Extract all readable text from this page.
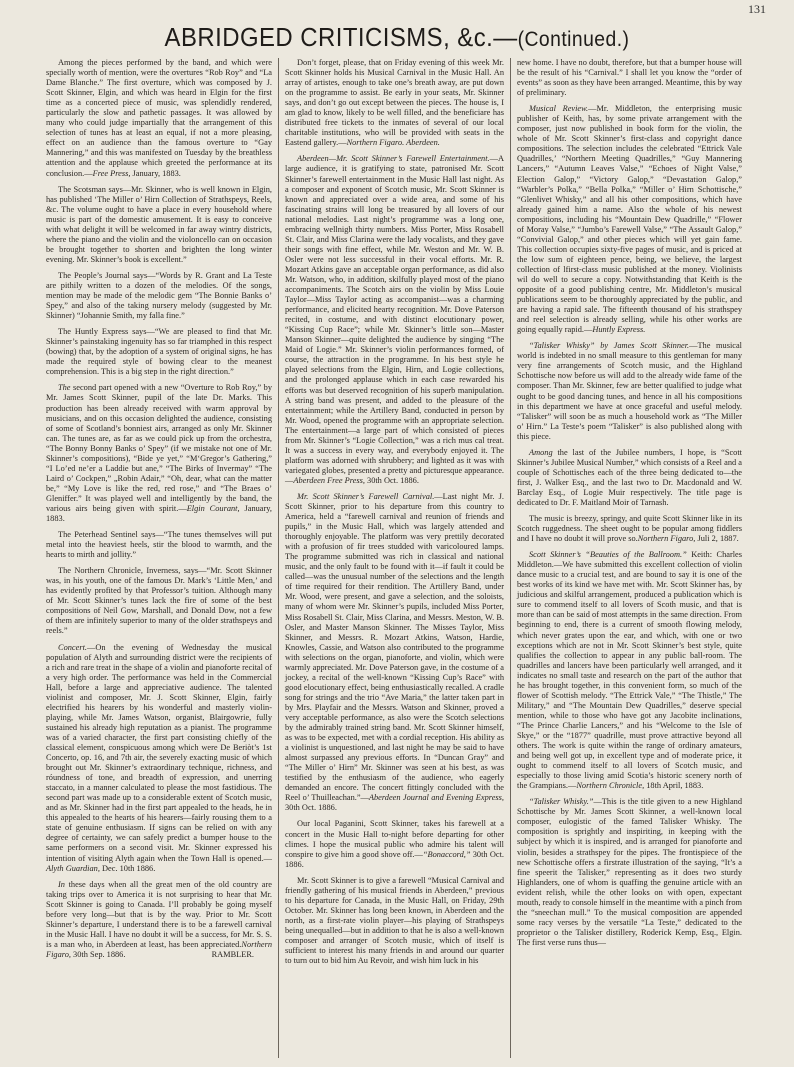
131
ABRIDGED CRITICISMS, &c.—(Continued.)

Among the pieces performed by the band, and which were specially worth of mention, were the overtures “Rob Roy” and “La Dame Blanche.” The first overture, which was composed by J. Scott Skinner, Elgin, and which was heard in Elgin for the first time as a concerted piece of music, was splendidly rendered, particularly the slow and pathetic passages. It was allowed by many who could judge impartially that the arrangement of this selection of tunes has at least an equal, if not a more pleasing, effect on an audience than the famous overture to “Gay Mannering,” and this was manifested on Tuesday by the breathless attention and the applause which greeted the performance at its conclusion.—Free Press, January, 1883.

The Scotsman says—Mr. Skinner, who is well known in Elgin, has published ‘The Miller o’ Hirn Collection of Strathspeys, Reels, &c. The volume ought to have a place in every household where music is part of the domestic amusement. It is easy to conceive with what delight it will be welcomed in far away wintry districts, where the piano and the violin and the violoncello can on occasion be brought together to shorten and brighten the long winter evening. Mr. Skinner’s book is excellent.”

The People’s Journal says—“Words by R. Grant and La Teste are pithily written to a dozen of the melodies. Of the songs, mention may be made of the melodic gem “The Bonnie Banks o’ Spey,” and also of the taking nursery melody (suggested by Mr. Skinner) “Johannie Smith, my falla fine.”

The Huntly Express says—“We are pleased to find that Mr. Skinner’s painstaking ingenuity has so far triamphed in this respect (bowing) that, by the adoption of a system of original signs, he has made the required style of bowing clear to the meanest comprehension. This is a big step in the right direction.”

The second part opened with a new “Overture to Rob Roy,” by Mr. James Scott Skinner, pupil of the late Dr. Marks. This production has been already received with warm approval by musicians, and on this occasion delighted the audience, consisting of some of Scotland’s bonniest airs, arranged as only Mr. Skinner can. The tunes are, as far as we could pick up from the orchestra, “The Bonny Bonny Banks o’ Spey” (if we mistake not one of Mr. Skinner’s compositions), “Bide ye yet,” “M‘Gregor’s Gathering,” “I Lo’ed ne’er a Laddie but ane,” “The Birks of Invermay” “The Laird o’ Cockpen,” „Robin Adair,” “Oh, dear, what can the matter be,” “My Love is like the red, red rose,” and “The Braes o’ Gleniffer.” It was played well and intelligently by the band, the various airs being given with spirit.—Elgin Courant, January, 1883.

The Peterhead Sentinel says—“The tunes themselves will put metal into the heaviest heels, stir the blood to warmth, and the hearts to mirth and jollity.”

The Northern Chronicle, Inverness, says—“Mr. Scott Skinner was, in his youth, one of the famous Dr. Mark’s ‘Little Men,’ and has evidently profited by that Professor’s tuition. Although many of Mr. Scott Skinner’s tunes lack the fire of some of the best compositions of Neil Gow, Marshall, and Donald Dow, not a few of them are infinitely superior to many of the older strathspeys and reels.”

Concert.—On the evening of Wednesday the musical population of Alyth and surrounding district were the recipients of a rich and rare treat in the shape of a violin and pianoforte recital of a very high order. The performance was held in the Commercial Hall, before a large and appreciative audience. The talented violinist and composer, Mr. J. Scott Skinner, Elgin, fairly electrified his hearers by his wonderful and masterly violin-playing, while Mr. James Watson, organist, Blairgowrie, fully sustained his already high reputation as a pianist. The programme was of a varied character, the first part consisting chiefly of the classical element, conspicuous among which were De Beriòt’s 1st Concerto, op. 16, and 7th air, the severely exacting music of which brought out Mr. Skinner’s extraordinary technique, richness, and róundness of tone, and breadth of expression, and unerring staccato, in a manner calculated to please the most fastidious. The second part was made up to a considerable extent of Scotch music, and as Mr. Skinner had in the first part appealed to the heads, he in this appealed to the hearts of his hearers—fairly rousing them to a state of genuine enthusiasm. If signs can be relied on with any degree of certainty, we can safely predict a bumper house to the same performers on a second visit. Mr. Skinner expressed his intention of visiting Alyth again when the Town Hall is opened.—Alyth Guardian, Dec. 10th 1886.

In these days when all the great men of the old country are taking trips over to America it is not surprising to hear that Mr. Scott Skinner is going to Canada. I’ll probably be going myself before very long—but that is by the way. Prior to Mr. Scott Skinner’s departure, I understand there is to be a farewell carnival in the Music Hall. I have no doubt it will be a success, for Mr. S. S. is a man who, in Aberdeen at least, has been appreciated.Northern Figaro, 30th Sep. 1886.	RAMBLER.

Don’t forget, please, that on Friday evening of this week Mr. Scott Skinner holds his Musical Carnival in the Music Hall. An array of artistes, enough to take one’s breath away, are put down on the programme to assist. Be early in your seats, Mr. Skinner says, and don’t go out except between the pieces. The house is, I am glad to know, likely to be well filled, and the beneficiare has distributed free tickets to the inmates of several of our local charitable institutions, who will be provided with seats in the Eastend gallery.—Northern Figaro. Aberdeen.

Aberdeen—Mr. Scott Skinner’s Farewell Entertainment.—A large audience, it is gratifying to state, patronised Mr. Scott Skinner’s farewell entertainment in the Music Hall last night. As a composer and exponent of Scotch music, Mr. Scott Skinner is known and appreciated over a wide area, and some of his fascinating strains will long be treasured by all lovers of our national melodies. Last night’s programme was a long one, embracing wellnigh thirty numbers. Miss Porter, Miss Rosabell St. Clair, and Miss Clarina were the lady vocalists, and they gave their songs with fine effect, while Mr. Weston and Mr. W. B. Osler were not less successful in their vocal efforts. Mr. R. Mozart Atkins gave an acceptable organ performance, as did also Mr. Watson, who, in addition, skilfully played most of the piano accompaniments. The Scotch airs on the violin by Miss Louie Taylor—Miss Taylor acting as accompanist—was a charming performance, and elicited hearty recognition. Mr. Dove Paterson recited, in costume, and with distinct elocutionary power, “Kissing Cup Race”; while Mr. Skinner’s little son—Master Manson Skinner—quite delighted the audience by singing “The Maid of Logie.” Mr. Skinner’s violin performances formed, of course, the attraction in the programme. In his best style he played selections from the Elgin, Hirn, and Logie collections, and the prolonged applause which in each case rewarded his efforts was but deserved recognition of his superb manipulation. A string band was present, and added to the pleasure of the entertainment; while the Artillery Band, conducted in person by Mr. Wood, opened the programme with an appropriate selection. The entertainment—a large part of which consisted of pieces from Mr. Skinner’s “Logie Collection,” was a rich mus cal treat. It was a success in every way, and everybody enjoyed it. The platform was adorned with shrubbery; and lighted as it was with variegated globes, presented a pretty and picturesque appearance.—Aberdeen Free Press, 30th Oct. 1886.

Mr. Scott Skinner’s Farewell Carnival.—Last night Mr. J. Scott Skinner, prior to his departure from this country to America, held a “farewell carnival and reunion of friends and pupils,” in the Music Hall, which was largely attended and thoroughly enjoyable. The platform was very prettily decorated with a profusion of fir trees studded with varicoloured lamps. The programme submitted was rich in classical and national music, and the only fault to be found with it—if fault it could be called—was the unusual number of the selections and the length of time required for their rendition. The Artillery Band, under Mr. Wood, were present, and gave a selection, and the soloists, many of whom were Mr. Skinner’s pupils, included Miss Porter, Miss Rosabell St. Clair, Miss Clarina, and Messrs. Meston, W. B. Osler, and Master Manson Skinner. The Misses Taylor, Miss Skinner, and Messrs. R. Mozart Atkins, Watson, Hardie, Knowles, Cassie, and Watson also contributed to the programme with selections on the organ, pianoforte, and violin, which were warmly appreciated. Mr. Dove Paterson gave, in the costume of a jockey, a recital of the well-known “Kissing Cup’s Race” with good elocutionary effect, being enthusiastically recalled. A cradle song for strings and the trio “Ave Maria,” the latter taken part in by Mrs. Playfair and the Messrs. Watson and Skinner, proved a very acceptable performance, as also were the Scotch selections by the admirably trained string band. Mr. Scott Skinner himself, as was to be expected, met with a cordial reception. His ability as a violinist is unquestioned, and last night he may be said to have almost surpassed any previous efforts. In “Duncan Gray” and “The Miller o’ Hirn” Mr. Skinner was seen at his best, as was testified by the enthusiasm of the audience, who eagerly demanded an encore. The concert fittingly concluded with the Reel o’ Thuilleachan.”—Aberdeen Journal and Evening Express, 30th Oct. 1886.

Our local Paganini, Scott Skinner, takes his farewell at a concert in the Music Hall to-night before departing for other climes. I hope the musical public who admire his talent will conspire to give him a good shove off.—“Bonaccord,” 30th Oct. 1886.

Mr. Scott Skinner is to give a farewell “Musical Carnival and friendly gathering of his musical friends in Aberdeen,” previous to his departure for Canada, in the Music Hall, on Friday, 29th October. Mr. Skinner has long been known, in Aberdeen and the north, as a first-rate violin player—his playing of Strathspeys being unequalled—but in addition to that he is also a well-known composer and arranger of Scotch music, which of itself is sufficient to interest his many friends in and around our quarter to turn out to bid him Au Revoir, and wish him luck in his

new home. I have no doubt, therefore, but that a bumper house will be the result of his “Carnival.” I shall let you know the “order of events” as soon as they have been arranged. Meantime, this by way of preliminary.

Musical Review.—Mr. Middleton, the enterprising music publisher of Keith, has, by some private arrangement with the composer, just now published in book form for the violin, the whole of Mr. Scott Skinner’s first-class and copyright dance compositions. The selection includes the celebrated “Ettrick Vale Quadrilles,’ “Northern Meeting Quadrilles,” “Guy Mannering Lancers,” “Autumn Leaves Valse,” “Echoes of Night Valse,” Election Galop,” “Victory Galop,” “Devastation Galop,” “Warbler’s Polka,” “Bella Polka,” “Miller o’ Hirn Schottische,” “Glenlivet Whisky,” and all his other compositions, which have already gained him a name. Also the whole of his newest compositions, including his “Mountain Dew Quadrille,” “Flower of Moray Valse,” “Jumbo’s Farewell Valse,” “The Assault Galop,” “Convivial Galop,” and other pieces which will yet gain fame. This collection occupies sixty-five pages of music, and is priced at the low sum of eighteen pence, being, we believe, the largest collection of lfirst-class music published at the money. Violinists wil do well to secure a copy. Notwithstanding that Keith is the opposite of a good publishing centre, Mr. Middleton’s musical publications seem to be thoroughly appreciated by the public, and are having a rapid sale. The fifteenth thousand of his strathspey and reel selection is already selling, while his other works are going equally rapid.—Huntly Express.

“Talisker Whisky” by James Scott Skinner.—The musical world is indebted in no small measure to this gentleman for many very fine arrangements of Scotch music, and the Highland Schottische now before us will add to the already wide fame of the composer. Than Mr. Skinner, few are better qualified to judge what ought to be good dancing tunes, and hence in all his compositions in this department we have at once graceful and useful melody. “Talisker” will soon be as much a household work as “The Miller o’ Hirn.” La Teste’s poem “Talisker” is also published along with this piece.

Among the last of the Jubilee numbers, I hope, is “Scott Skinner’s Jubilee Musical Number,” which consists of a Reel and a couple of Schottisches each of the three being dedicated to—the first, J. Walker Esq., and the last two to Dr. Macdonald and W. Barclay Esq., of Logie Muir respectively. The title page is dedicated to Dr. F. Maitland Moir of Tarnash.

The music is breezy, springy, and quite Scott Skinner like in its Scotch ruggedness. The sheet ought to be popular among fiddlers and I have no doubt it will prove so.Northern Figaro, Juli 2, 1887.

Scott Skinner’s “Beauties of the Ballroom.” Keith: Charles Middleton.—We have submitted this excellent collection of violin dance music to a crucial test, and are bound to say it is one of the best works of its kind we have met with. Mr. Scott Skinner has, by judicious and skilful arrangement, produced a publication which is sure to commend itself to all lovers of Scoth music, and that is more than can be said of most attempts in the same direction. From beginning to end, there is a current of smooth flowing melody, which never grates upon the ear, and which, with one or two exceptions which are not in Mr. Scott Skinner’s best style, quite qualifies the collection to appear in any public ball-room. The quadrilles and lancers have been particularly well arranged, and it indicates no small taste and research on the part of the author that he has brought together, in this convenient form, so much of the flower of Scottish melody. “The Ettrick Vale,” “The Thistle,” The Military,” and “The Mountain Dew Quadrilles,” deserve special mention, while to those who have got any Jacobite inclinations, “The Prince Charlie Lancers,” and his “Welcome to the Isle of Skye,” or the “1877” quadrille, must prove attractive beyond all others. The work is quite within the range of ordinary amateurs, and being well got up, in excellent type and of moderate price, it ought to commend itself to all lovers of Scotch music, and especially to those living amid Scotia’s historic scenery north of the Grampians.—Northern Chronicle, 18th April, 1883.

“Talisker Whisky.”—This is the title given to a new Highland Schottische by Mr. James Scott Skinner, a well-known local composer, eulogistic of the famed Talisker Whisky. The composition is sprightly and inspiriting, in keeping with the subject by which it is inspired, and is arranged for pianoforte and violin, besides a strathspey for the pipes. The frontispiece of the new Schottische offers a firstrate illustration of the saying, “It’s a fine speerit the Talisker,” representing as it does two sturdy Highlanders, one of whom is quaffing the genuine article with an evident relish, while the other looks on with open, expectant mouth, ready to console himself in the meantime with a pinch from the “sneechan mull.” To the musical composition are appended some racy verses by the versatile “La Teste,” dedicated to the proprietor o the Talisker distillery, Roderick Kemp, Esq., Elgin. The first verse runs thus—
